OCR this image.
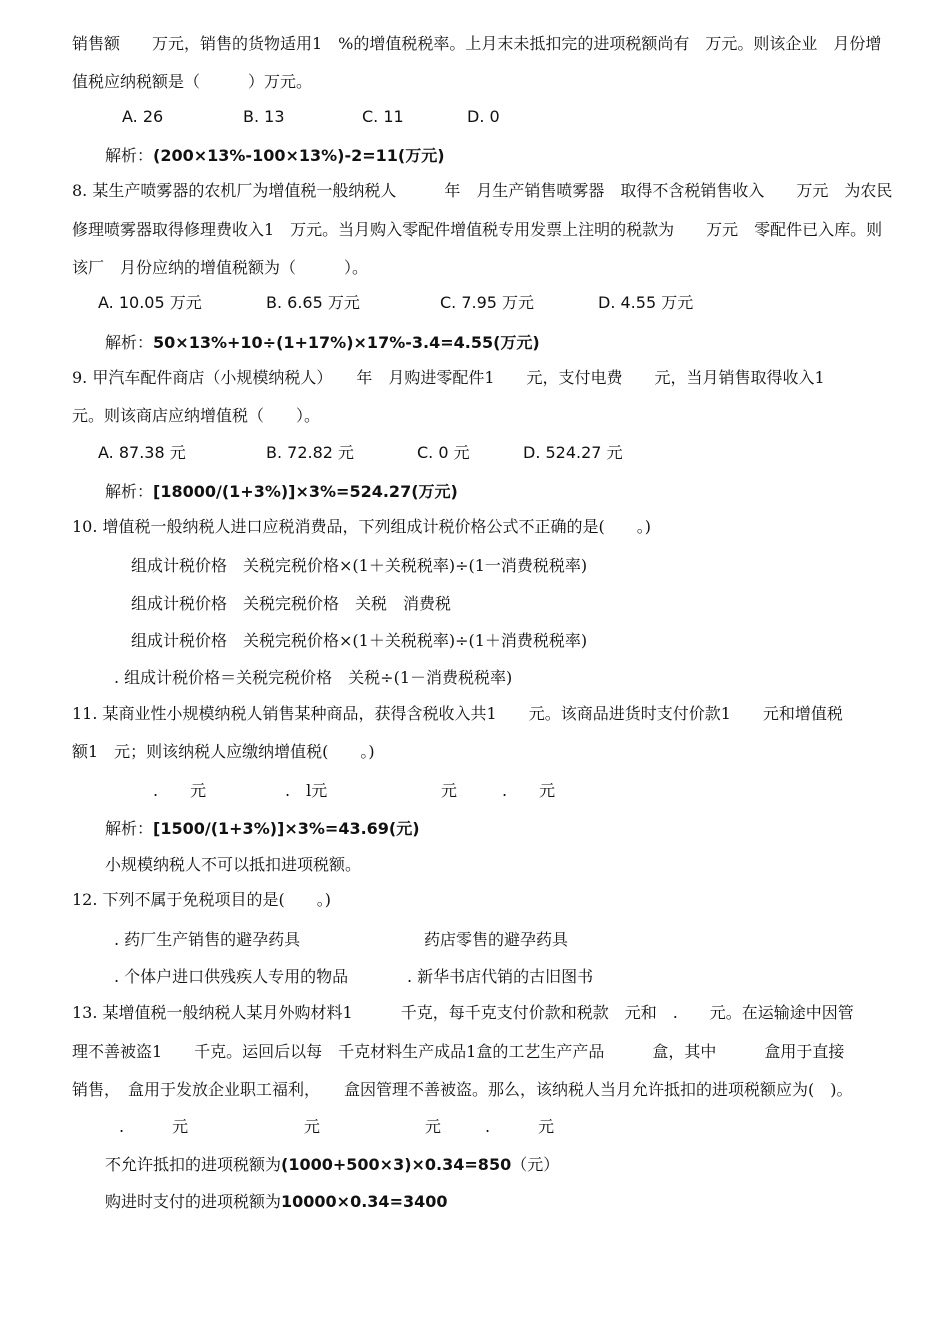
销售额　　万元，销售的货物适用1　%的增值税税率。上月末未抵扣完的进项税额尚有　万元。则该企业　月份增
值税应纳税额是（　　　）万元。
A. 26	B. 13	C. 11	D. 0
解析：(200×13%-100×13%)-2=11(万元)
8. 某生产喷雾器的农机厂为增值税一般纳税人　　　年　月生产销售喷雾器　取得不含税销售收入　　万元　为农民
修理喷雾器取得修理费收入1　万元。当月购入零配件增值税专用发票上注明的税款为　　万元　零配件已入库。则
该厂　月份应纳的增值税额为（　　　）。
A. 10.05 万元	B. 6.65 万元	C. 7.95 万元	D. 4.55 万元
解析：50×13%+10÷(1+17%)×17%-3.4=4.55(万元)
9. 甲汽车配件商店（小规模纳税人）　　年　月购进零配件1　　元，支付电费　　元，当月销售取得收入1
元。则该商店应纳增值税（　　）。
A. 87.38 元	B. 72.82 元	C. 0 元	D. 524.27 元
解析：[18000/(1+3%)]×3%=524.27(万元)
10. 增值税一般纳税人进口应税消费品，下列组成计税价格公式不正确的是(　　。)
组成计税价格　关税完税价格×(1＋关税税率)÷(1一消费税税率)
组成计税价格　关税完税价格　关税　消费税
组成计税价格　关税完税价格×(1＋关税税率)÷(1＋消费税税率)
. 组成计税价格＝关税完税价格　关税÷(1－消费税税率)
11. 某商业性小规模纳税人销售某种商品，获得含税收入共1　　元。该商品进货时支付价款1　　元和增值税
额1　元；则该纳税人应缴纳增值税(　　。)
.　　元	.　l元	元	.　　元
解析：[1500/(1+3%)]×3%=43.69(元)
小规模纳税人不可以抵扣进项税额。
12. 下列不属于免税项目的是(　　。)
. 药厂生产销售的避孕药具	药店零售的避孕药具
. 个体户进口供残疾人专用的物品	. 新华书店代销的古旧图书
13. 某增值税一般纳税人某月外购材料1　　　千克，每千克支付价款和税款　元和　.　　元。在运输途中因管
理不善被盗1　　千克。运回后以每　千克材料生产成品1盒的工艺生产产品　　　盒，其中　　　盒用于直接
销售，　盒用于发放企业职工福利，　　盒因管理不善被盗。那么，该纳税人当月允许抵扣的进项税额应为(　)。
.　　　元	元	元	.　　　元
不允许抵扣的进项税额为(1000+500×3)×0.34=850（元）
购进时支付的进项税额为10000×0.34=3400
